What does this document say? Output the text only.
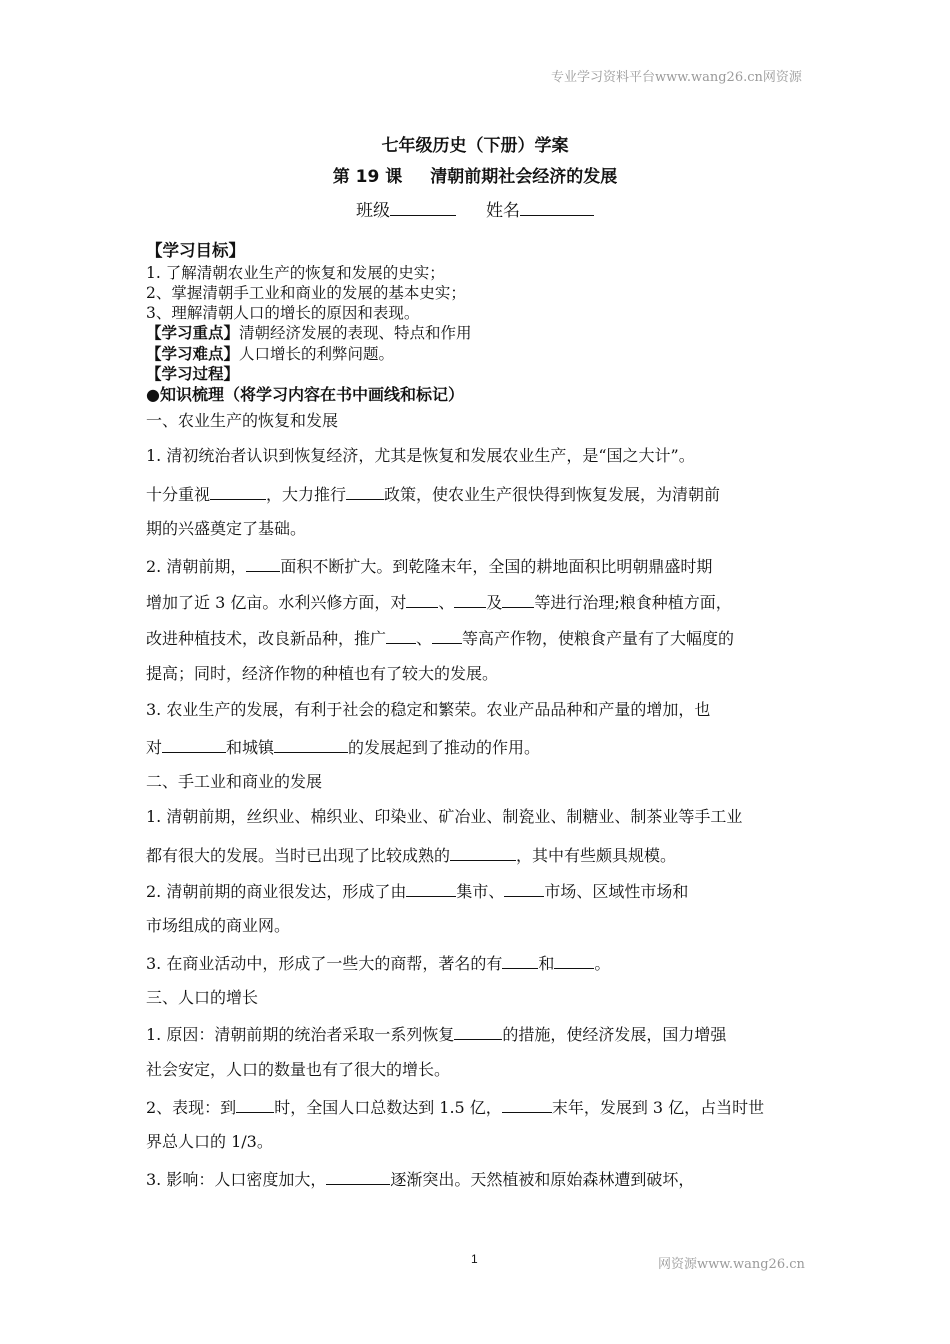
专业学习资料平台www.wang26.cn网资源
七年级历史（下册）学案
第 19 课 清朝前期社会经济的发展
班级	姓名
【学习目标】
1. 了解清朝农业生产的恢复和发展的史实；
2、掌握清朝手工业和商业的发展的基本史实；
3、理解清朝人口的增长的原因和表现。
【学习重点】清朝经济发展的表现、特点和作用
【学习难点】人口增长的利弊问题。
【学习过程】
●知识梳理（将学习内容在书中画线和标记）
一、农业生产的恢复和发展
1. 清初统治者认识到恢复经济，尤其是恢复和发展农业生产，是“国之大计”。
十分重视	，大力推行 政策，使农业生产很快得到恢复发展，为清朝前
期的兴盛奠定了基础。
2. 清朝前期， 面积不断扩大。到乾隆末年，全国的耕地面积比明朝鼎盛时期
增加了近 3 亿亩。水利兴修方面，对 、 及 等进行治理;粮食种植方面，
改进种植技术，改良新品种，推广 、 等高产作物，使粮食产量有了大幅度的
提高；同时，经济作物的种植也有了较大的发展。
3. 农业生产的发展，有利于社会的稳定和繁荣。农业产品品种和产量的增加，也
对	和城镇	的发展起到了推动的作用。
二、手工业和商业的发展
1. 清朝前期，丝织业、棉织业、印染业、矿冶业、制瓷业、制糖业、制茶业等手工业
都有很大的发展。当时已出现了比较成熟的	，其中有些颇具规模。
2. 清朝前期的商业很发达，形成了由	集市、	市场、区域性市场和
市场组成的商业网。
3. 在商业活动中，形成了一些大的商帮，著名的有 和	。
三、人口的增长
1. 原因：清朝前期的统治者采取一系列恢复	的措施，使经济发展，国力增强
社会安定，人口的数量也有了很大的增长。
2、表现：到 时，全国人口总数达到 1.5 亿，	末年，发展到 3 亿，占当时世
界总人口的 1/3。
3. 影响：人口密度加大，	逐渐突出。天然植被和原始森林遭到破坏，
1	网资源www.wang26.cn
